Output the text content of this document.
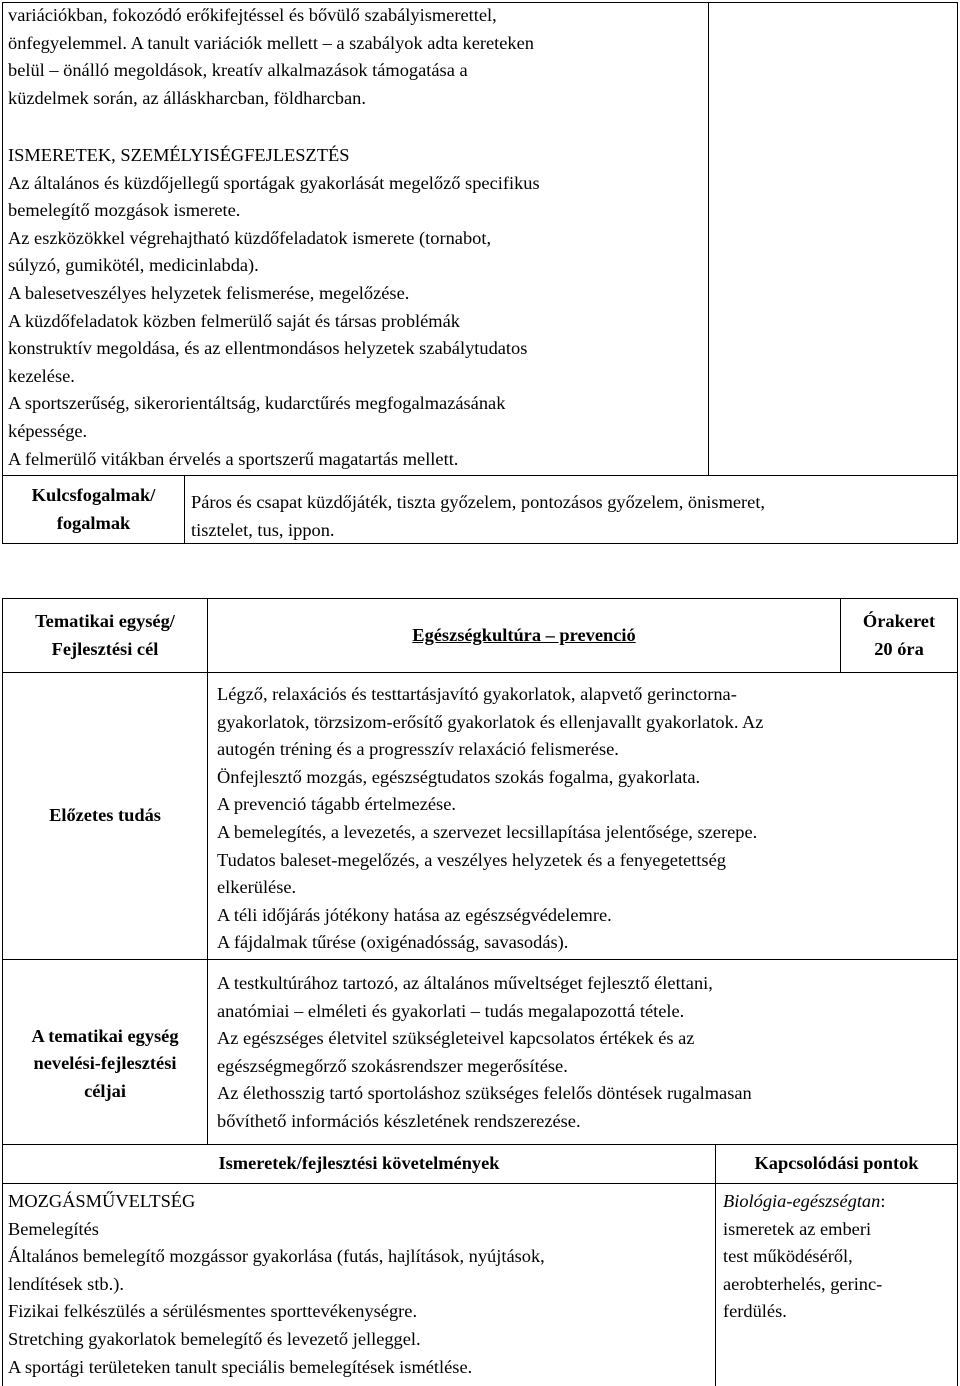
variációkban, fokozódó erőkifejtéssel és bővülő szabályismerettel,
önfegyelemmel. A tanult variációk mellett – a szabályok adta kereteken
belül – önálló megoldások, kreatív alkalmazások támogatása a
küzdelmek során, az álláskharcban, földharcban.
ISMERETEK, SZEMÉLYISÉGFEJLESZTÉS
Az általános és küzdőjellegű sportágak gyakorlását megelőző specifikus
bemelegítő mozgások ismerete.
Az eszközökkel végrehajtható küzdőfeladatok ismerete (tornabot,
súlyzó, gumikötél, medicinlabda).
A balesetveszélyes helyzetek felismerése, megelőzése.
A küzdőfeladatok közben felmerülő saját és társas problémák
konstruktív megoldása, és az ellentmondásos helyzetek szabálytudatos
kezelése.
A sportszerűség, sikerorientáltság, kudarctűrés megfogalmazásának
képessége.
A felmerülő vitákban érvelés a sportszerű magatartás mellett.
Kulcsfogalmak/
fogalmak
Páros és csapat küzdőjáték, tiszta győzelem, pontozásos győzelem, önismeret,
tisztelet, tus, ippon.
Tematikai egység/
Fejlesztési cél
Egészségkultúra – prevenció
Órakeret
20 óra
Előzetes tudás
Légző, relaxációs és testtartásjavító gyakorlatok, alapvető gerinctorna-
gyakorlatok, törzsizom-erősítő gyakorlatok és ellenjavallt gyakorlatok. Az
autogén tréning és a progresszív relaxáció felismerése.
Önfejlesztő mozgás, egészségtudatos szokás fogalma, gyakorlata.
A prevenció tágabb értelmezése.
A bemelegítés, a levezetés, a szervezet lecsillapítása jelentősége, szerepe.
Tudatos baleset-megelőzés, a veszélyes helyzetek és a fenyegetettség
elkerülése.
A téli időjárás jótékony hatása az egészségvédelemre.
A fájdalmak tűrése (oxigénadósság, savasodás).
A tematikai egység
nevelési-fejlesztési
céljai
A testkultúrához tartozó, az általános műveltséget fejlesztő élettani,
anatómiai – elméleti és gyakorlati – tudás megalapozottá tétele.
Az egészséges életvitel szükségleteivel kapcsolatos értékek és az
egészségmegőrző szokásrendszer megerősítése.
Az élethosszig tartó sportoláshoz szükséges felelős döntések rugalmasan
bővíthető információs készletének rendszerezése.
Ismeretek/fejlesztési követelmények	Kapcsolódási pontok
MOZGÁSMŰVELTSÉG
Bemelegítés
Általános bemelegítő mozgássor gyakorlása (futás, hajlítások, nyújtások,
lendítések stb.).
Fizikai felkészülés a sérülésmentes sporttevékenységre.
Stretching gyakorlatok bemelegítő és levezető jelleggel.
A sportági területeken tanult speciális bemelegítések ismétlése.
Biológia-egészségtan:
ismeretek az emberi
test működéséről,
aerobterhelés, gerinc-
ferdülés.
